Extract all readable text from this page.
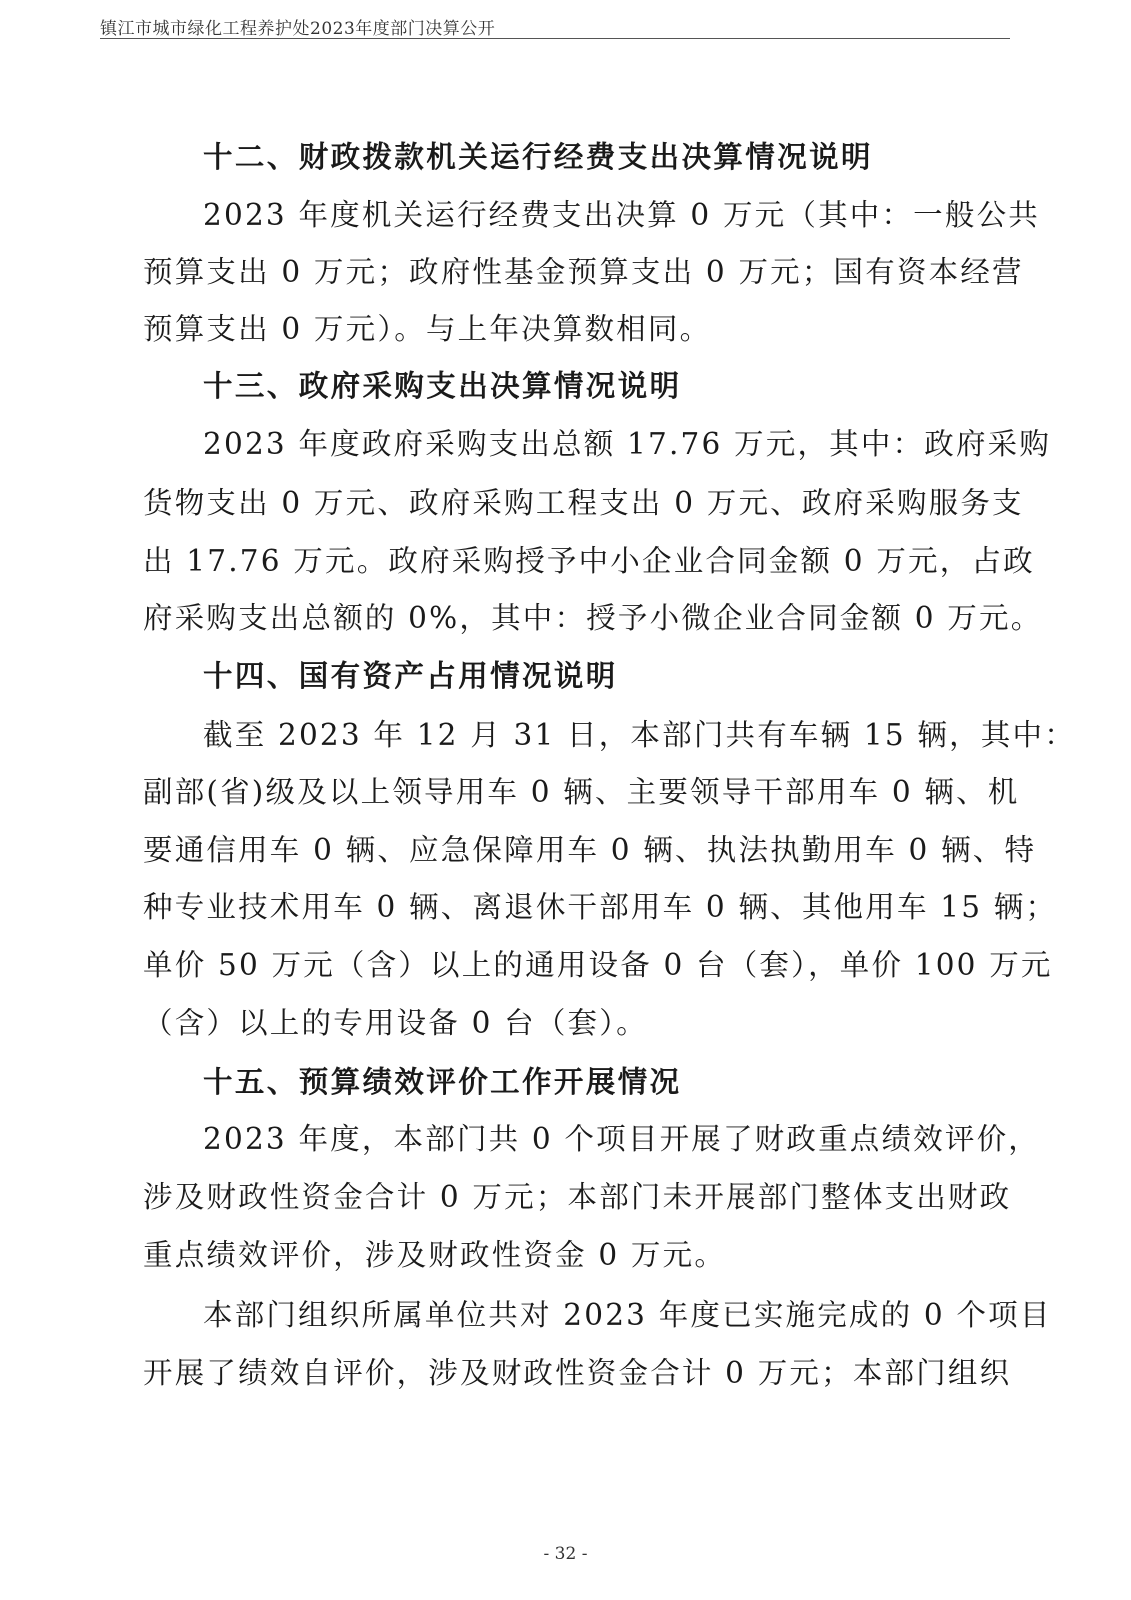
镇江市城市绿化工程养护处2023年度部门决算公开
十二、财政拨款机关运行经费支出决算情况说明
2023 年度机关运行经费支出决算 0 万元（其中：一般公共
预算支出 0 万元；政府性基金预算支出 0 万元；国有资本经营
预算支出 0 万元）。与上年决算数相同。
十三、政府采购支出决算情况说明
2023 年度政府采购支出总额 17.76 万元，其中：政府采购
货物支出 0 万元、政府采购工程支出 0 万元、政府采购服务支
出 17.76 万元。政府采购授予中小企业合同金额 0 万元，占政
府采购支出总额的 0%，其中：授予小微企业合同金额 0 万元。
十四、国有资产占用情况说明
截至 2023 年 12 月 31 日，本部门共有车辆 15 辆，其中：
副部(省)级及以上领导用车 0 辆、主要领导干部用车 0 辆、机
要通信用车 0 辆、应急保障用车 0 辆、执法执勤用车 0 辆、特
种专业技术用车 0 辆、离退休干部用车 0 辆、其他用车 15 辆；
单价 50 万元（含）以上的通用设备 0 台（套），单价 100 万元
（含）以上的专用设备 0 台（套）。
十五、预算绩效评价工作开展情况
2023 年度，本部门共 0 个项目开展了财政重点绩效评价，
涉及财政性资金合计 0 万元；本部门未开展部门整体支出财政
重点绩效评价，涉及财政性资金 0 万元。
本部门组织所属单位共对 2023 年度已实施完成的 0 个项目
开展了绩效自评价，涉及财政性资金合计 0 万元；本部门组织
- 32 -
